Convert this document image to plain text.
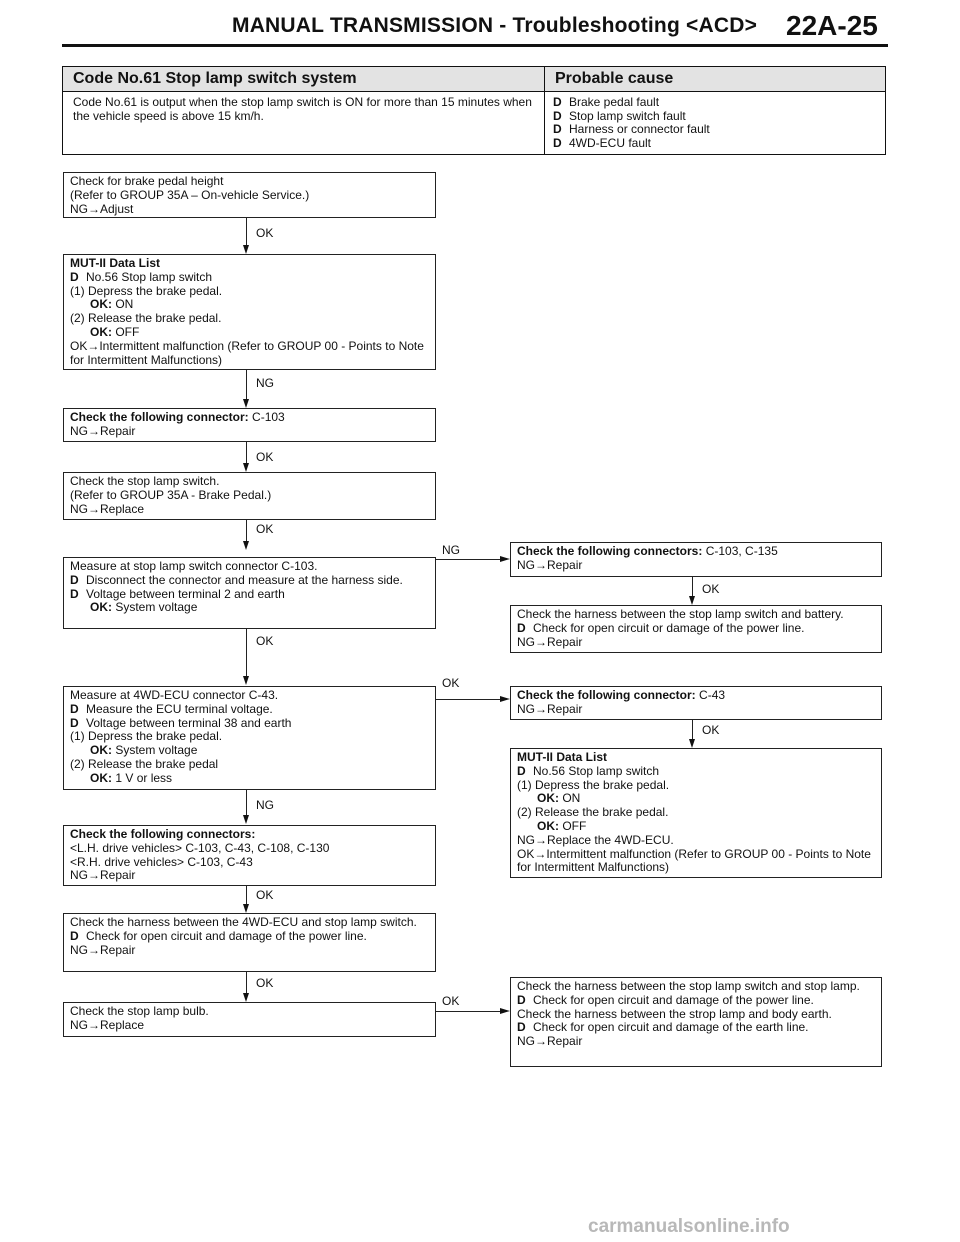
MANUAL TRANSMISSION - Troubleshooting <ACD> 22A-25
Code No.61 Stop lamp switch system	Probable cause
Code No.61 is output when the stop lamp switch is ON for more than 15 minutes when the vehicle speed is above 15 km/h.
D Brake pedal fault
D Stop lamp switch fault
D Harness or connector fault
D 4WD-ECU fault
OK
NG
OK
OK
OK
NG
OK
OK
NG
OK
OK
OK
OK
Check for brake pedal height
(Refer to GROUP 35A – On-vehicle Service.)
NG→Adjust
MUT-II Data List
D No.56 Stop lamp switch
(1) Depress the brake pedal.
OK: ON
(2) Release the brake pedal.
OK: OFF
OK→Intermittent malfunction (Refer to GROUP 00 - Points to Note for Intermittent Malfunctions)
Check the following connector: C-103
NG→Repair
Check the stop lamp switch.
(Refer to GROUP 35A - Brake Pedal.)
NG→Replace
Measure at stop lamp switch connector C-103.
D Disconnect the connector and measure at the harness side.
D Voltage between terminal 2 and earth
OK: System voltage
Measure at 4WD-ECU connector C-43.
D Measure the ECU terminal voltage.
D Voltage between terminal 38 and earth
(1) Depress the brake pedal.
OK: System voltage
(2) Release the brake pedal
OK: 1 V or less
Check the following connectors:
<L.H. drive vehicles> C-103, C-43, C-108, C-130
<R.H. drive vehicles> C-103, C-43
NG→Repair
Check the harness between the 4WD-ECU and stop lamp switch.
D Check for open circuit and damage of the power line.
NG→Repair
Check the stop lamp bulb.
NG→Replace
Check the following connectors: C-103, C-135
NG→Repair
Check the harness between the stop lamp switch and battery.
D Check for open circuit or damage of the power line.
NG→Repair
Check the following connector: C-43
NG→Repair
MUT-II Data List
D No.56 Stop lamp switch
(1) Depress the brake pedal.
OK: ON
(2) Release the brake pedal.
OK: OFF
NG→Replace the 4WD-ECU.
OK→Intermittent malfunction (Refer to GROUP 00 - Points to Note for Intermittent Malfunctions)
Check the harness between the stop lamp switch and stop lamp.
D Check for open circuit and damage of the power line.
Check the harness between the strop lamp and body earth.
D Check for open circuit and damage of the earth line.
NG→Repair
carmanualsonline.info
